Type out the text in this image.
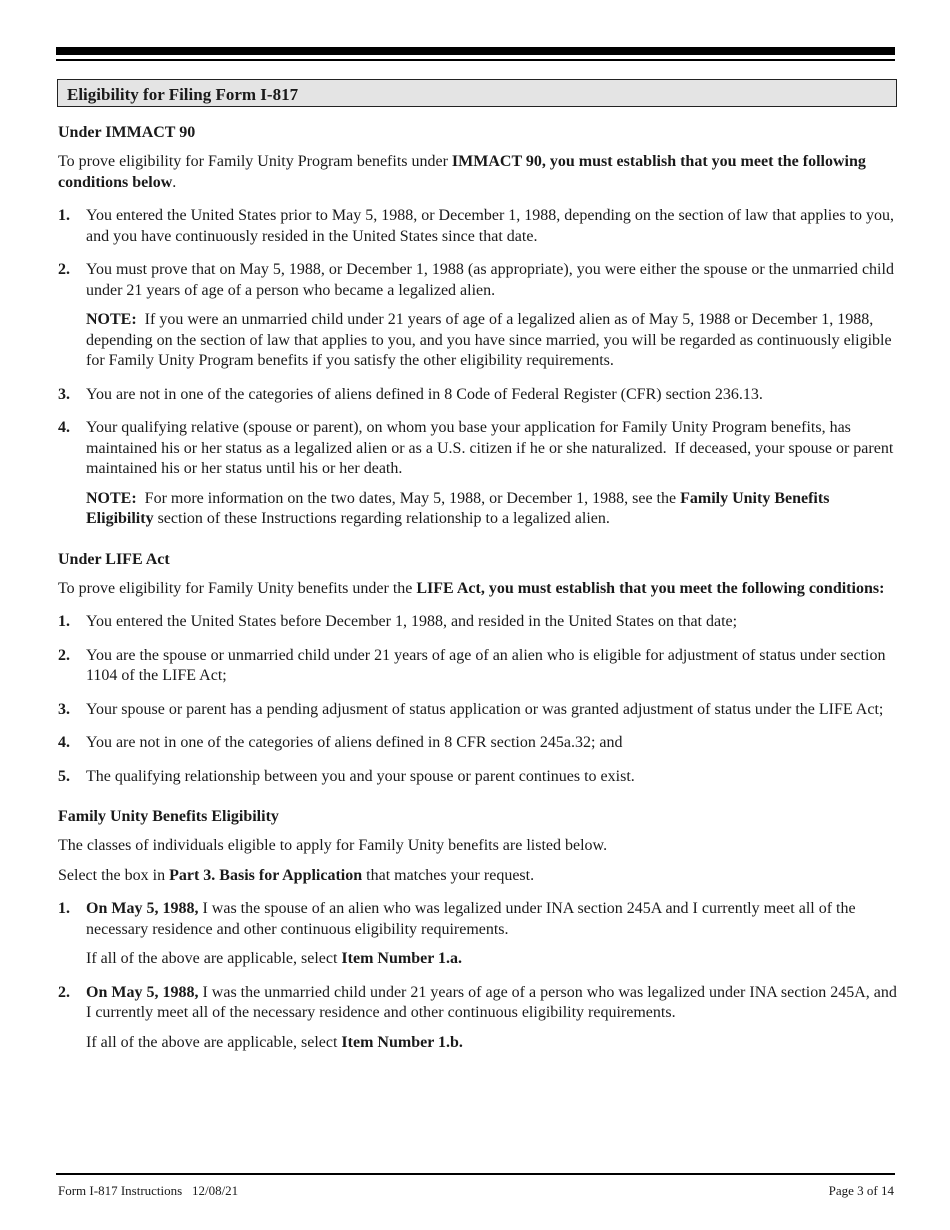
Eligibility for Filing Form I-817
Under IMMACT 90

To prove eligibility for Family Unity Program benefits under IMMACT 90, you must establish that you meet the following conditions below.

1. You entered the United States prior to May 5, 1988, or December 1, 1988, depending on the section of law that applies to you, and you have continuously resided in the United States since that date.

2. You must prove that on May 5, 1988, or December 1, 1988 (as appropriate), you were either the spouse or the unmarried child under 21 years of age of a person who became a legalized alien.

NOTE:  If you were an unmarried child under 21 years of age of a legalized alien as of May 5, 1988 or December 1, 1988, depending on the section of law that applies to you, and you have since married, you will be regarded as continuously eligible for Family Unity Program benefits if you satisfy the other eligibility requirements.

3. You are not in one of the categories of aliens defined in 8 Code of Federal Register (CFR) section 236.13.

4. Your qualifying relative (spouse or parent), on whom you base your application for Family Unity Program benefits, has maintained his or her status as a legalized alien or as a U.S. citizen if he or she naturalized.  If deceased, your spouse or parent maintained his or her status until his or her death.

NOTE:  For more information on the two dates, May 5, 1988, or December 1, 1988, see the Family Unity Benefits Eligibility section of these Instructions regarding relationship to a legalized alien.

Under LIFE Act

To prove eligibility for Family Unity benefits under the LIFE Act, you must establish that you meet the following conditions:

1. You entered the United States before December 1, 1988, and resided in the United States on that date;

2. You are the spouse or unmarried child under 21 years of age of an alien who is eligible for adjustment of status under section 1104 of the LIFE Act;

3. Your spouse or parent has a pending adjusment of status application or was granted adjustment of status under the LIFE Act;

4. You are not in one of the categories of aliens defined in 8 CFR section 245a.32; and

5. The qualifying relationship between you and your spouse or parent continues to exist.

Family Unity Benefits Eligibility

The classes of individuals eligible to apply for Family Unity benefits are listed below.

Select the box in Part 3. Basis for Application that matches your request.

1. On May 5, 1988, I was the spouse of an alien who was legalized under INA section 245A and I currently meet all of the necessary residence and other continuous eligibility requirements.

If all of the above are applicable, select Item Number 1.a.

2. On May 5, 1988, I was the unmarried child under 21 years of age of a person who was legalized under INA section 245A, and I currently meet all of the necessary residence and other continuous eligibility requirements.

If all of the above are applicable, select Item Number 1.b.

Form I-817 Instructions   12/08/21	Page 3 of 14
